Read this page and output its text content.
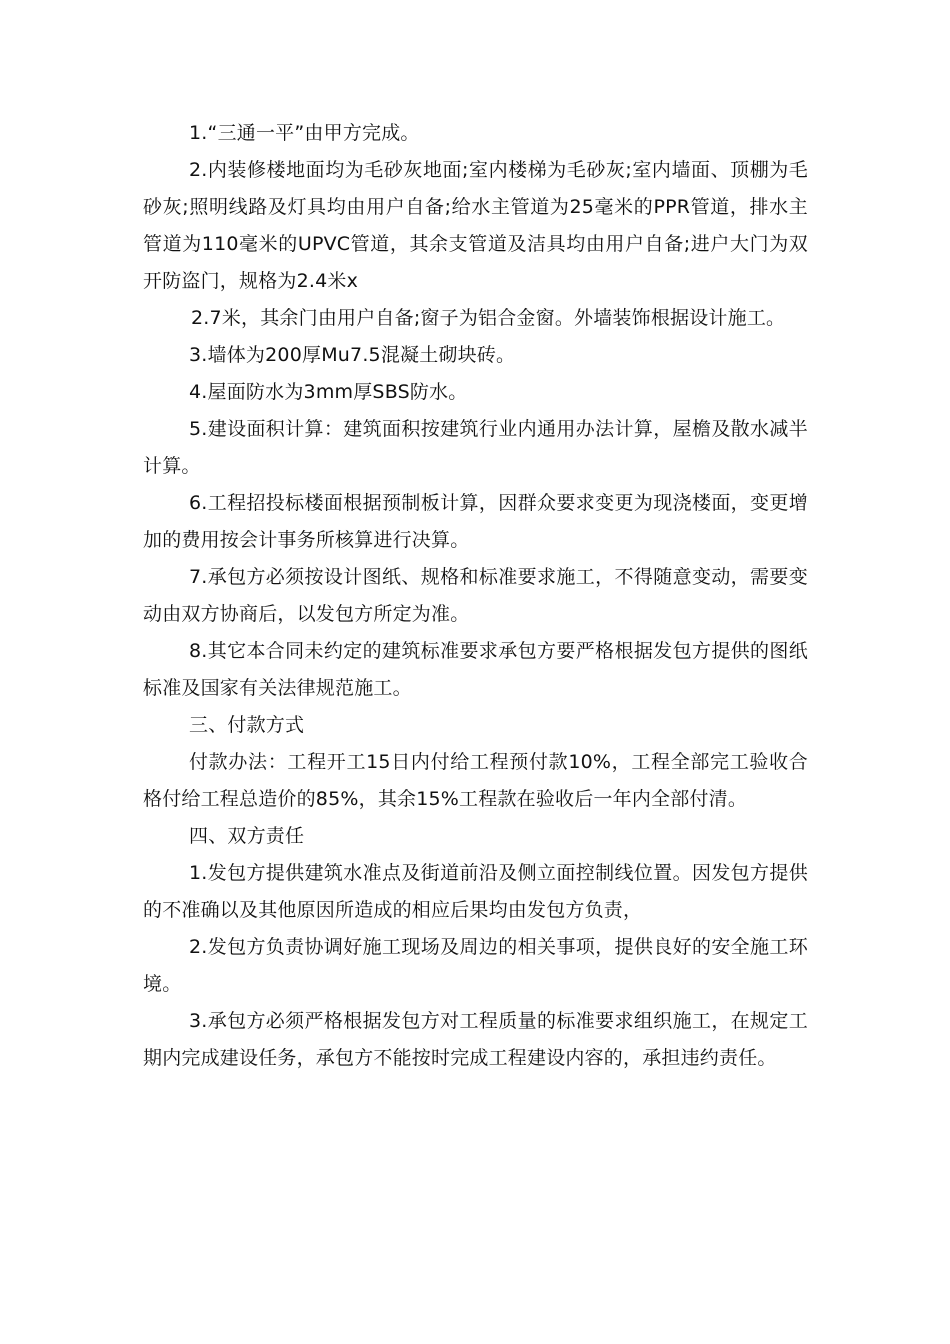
1.“三通一平”由甲方完成。

2.内装修楼地面均为毛砂灰地面;室内楼梯为毛砂灰;室内墙面、顶棚为毛砂灰;照明线路及灯具均由用户自备;给水主管道为25毫米的PPR管道，排水主管道为110毫米的UPVC管道，其余支管道及洁具均由用户自备;进户大门为双开防盗门，规格为2.4米x

2.7米，其余门由用户自备;窗子为铝合金窗。外墙装饰根据设计施工。

3.墙体为200厚Mu7.5混凝土砌块砖。

4.屋面防水为3mm厚SBS防水。

5.建设面积计算：建筑面积按建筑行业内通用办法计算，屋檐及散水减半计算。

6.工程招投标楼面根据预制板计算，因群众要求变更为现浇楼面，变更增加的费用按会计事务所核算进行决算。

7.承包方必须按设计图纸、规格和标准要求施工，不得随意变动，需要变动由双方协商后，以发包方所定为准。

8.其它本合同未约定的建筑标准要求承包方要严格根据发包方提供的图纸标准及国家有关法律规范施工。

三、付款方式

付款办法：工程开工15日内付给工程预付款10%，工程全部完工验收合格付给工程总造价的85%，其余15%工程款在验收后一年内全部付清。

四、双方责任

1.发包方提供建筑水准点及街道前沿及侧立面控制线位置。因发包方提供的不准确以及其他原因所造成的相应后果均由发包方负责，

2.发包方负责协调好施工现场及周边的相关事项，提供良好的安全施工环境。

3.承包方必须严格根据发包方对工程质量的标准要求组织施工，在规定工期内完成建设任务，承包方不能按时完成工程建设内容的，承担违约责任。
